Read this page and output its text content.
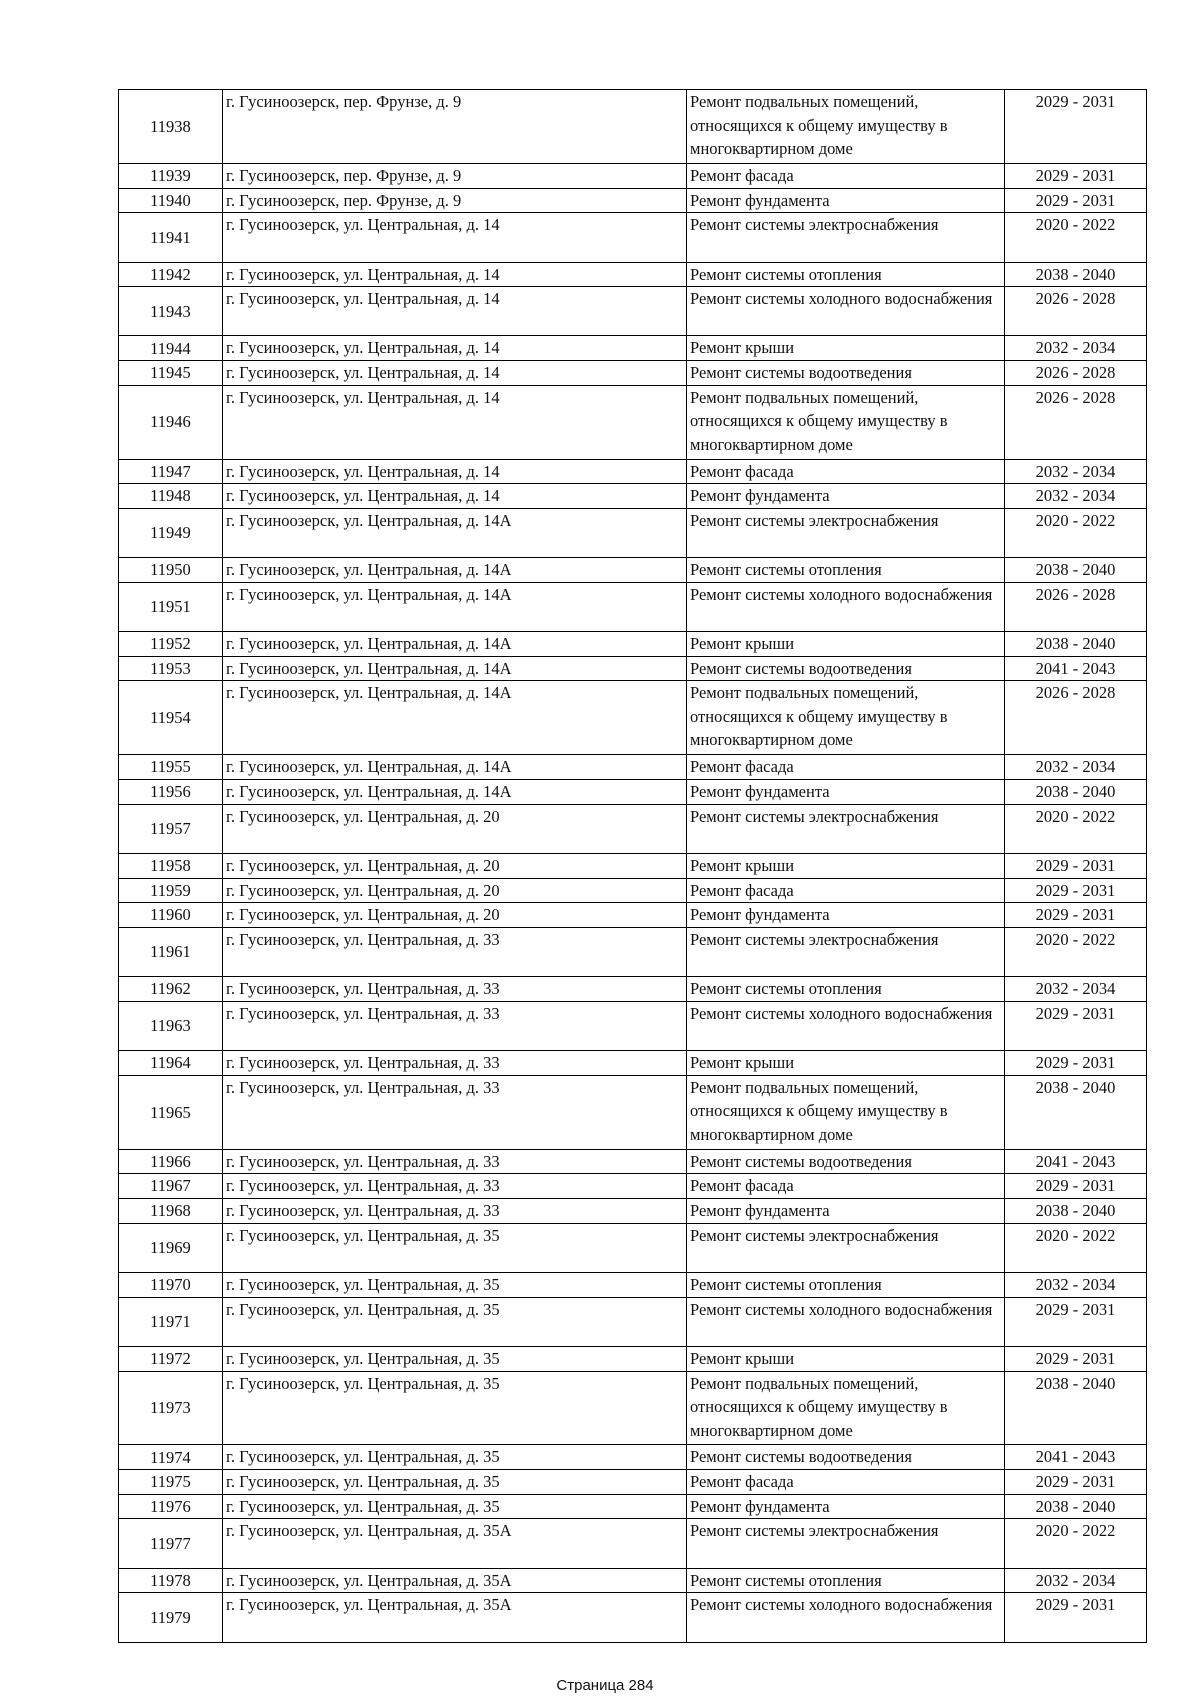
11938	г. Гусиноозерск, пер. Фрунзе, д. 9	Ремонт подвальных помещений, относящихся к общему имуществу в многоквартирном доме	2029 - 2031
11939	г. Гусиноозерск, пер. Фрунзе, д. 9	Ремонт фасада	2029 - 2031
11940	г. Гусиноозерск, пер. Фрунзе, д. 9	Ремонт фундамента	2029 - 2031
11941	г. Гусиноозерск, ул. Центральная, д. 14	Ремонт системы электроснабжения	2020 - 2022
11942	г. Гусиноозерск, ул. Центральная, д. 14	Ремонт системы отопления	2038 - 2040
11943	г. Гусиноозерск, ул. Центральная, д. 14	Ремонт системы холодного водоснабжения	2026 - 2028
11944	г. Гусиноозерск, ул. Центральная, д. 14	Ремонт крыши	2032 - 2034
11945	г. Гусиноозерск, ул. Центральная, д. 14	Ремонт системы водоотведения	2026 - 2028
11946	г. Гусиноозерск, ул. Центральная, д. 14	Ремонт подвальных помещений, относящихся к общему имуществу в многоквартирном доме	2026 - 2028
11947	г. Гусиноозерск, ул. Центральная, д. 14	Ремонт фасада	2032 - 2034
11948	г. Гусиноозерск, ул. Центральная, д. 14	Ремонт фундамента	2032 - 2034
11949	г. Гусиноозерск, ул. Центральная, д. 14А	Ремонт системы электроснабжения	2020 - 2022
11950	г. Гусиноозерск, ул. Центральная, д. 14А	Ремонт системы отопления	2038 - 2040
11951	г. Гусиноозерск, ул. Центральная, д. 14А	Ремонт системы холодного водоснабжения	2026 - 2028
11952	г. Гусиноозерск, ул. Центральная, д. 14А	Ремонт крыши	2038 - 2040
11953	г. Гусиноозерск, ул. Центральная, д. 14А	Ремонт системы водоотведения	2041 - 2043
11954	г. Гусиноозерск, ул. Центральная, д. 14А	Ремонт подвальных помещений, относящихся к общему имуществу в многоквартирном доме	2026 - 2028
11955	г. Гусиноозерск, ул. Центральная, д. 14А	Ремонт фасада	2032 - 2034
11956	г. Гусиноозерск, ул. Центральная, д. 14А	Ремонт фундамента	2038 - 2040
11957	г. Гусиноозерск, ул. Центральная, д. 20	Ремонт системы электроснабжения	2020 - 2022
11958	г. Гусиноозерск, ул. Центральная, д. 20	Ремонт крыши	2029 - 2031
11959	г. Гусиноозерск, ул. Центральная, д. 20	Ремонт фасада	2029 - 2031
11960	г. Гусиноозерск, ул. Центральная, д. 20	Ремонт фундамента	2029 - 2031
11961	г. Гусиноозерск, ул. Центральная, д. 33	Ремонт системы электроснабжения	2020 - 2022
11962	г. Гусиноозерск, ул. Центральная, д. 33	Ремонт системы отопления	2032 - 2034
11963	г. Гусиноозерск, ул. Центральная, д. 33	Ремонт системы холодного водоснабжения	2029 - 2031
11964	г. Гусиноозерск, ул. Центральная, д. 33	Ремонт крыши	2029 - 2031
11965	г. Гусиноозерск, ул. Центральная, д. 33	Ремонт подвальных помещений, относящихся к общему имуществу в многоквартирном доме	2038 - 2040
11966	г. Гусиноозерск, ул. Центральная, д. 33	Ремонт системы водоотведения	2041 - 2043
11967	г. Гусиноозерск, ул. Центральная, д. 33	Ремонт фасада	2029 - 2031
11968	г. Гусиноозерск, ул. Центральная, д. 33	Ремонт фундамента	2038 - 2040
11969	г. Гусиноозерск, ул. Центральная, д. 35	Ремонт системы электроснабжения	2020 - 2022
11970	г. Гусиноозерск, ул. Центральная, д. 35	Ремонт системы отопления	2032 - 2034
11971	г. Гусиноозерск, ул. Центральная, д. 35	Ремонт системы холодного водоснабжения	2029 - 2031
11972	г. Гусиноозерск, ул. Центральная, д. 35	Ремонт крыши	2029 - 2031
11973	г. Гусиноозерск, ул. Центральная, д. 35	Ремонт подвальных помещений, относящихся к общему имуществу в многоквартирном доме	2038 - 2040
11974	г. Гусиноозерск, ул. Центральная, д. 35	Ремонт системы водоотведения	2041 - 2043
11975	г. Гусиноозерск, ул. Центральная, д. 35	Ремонт фасада	2029 - 2031
11976	г. Гусиноозерск, ул. Центральная, д. 35	Ремонт фундамента	2038 - 2040
11977	г. Гусиноозерск, ул. Центральная, д. 35А	Ремонт системы электроснабжения	2020 - 2022
11978	г. Гусиноозерск, ул. Центральная, д. 35А	Ремонт системы отопления	2032 - 2034
11979	г. Гусиноозерск, ул. Центральная, д. 35А	Ремонт системы холодного водоснабжения	2029 - 2031
Страница 284
